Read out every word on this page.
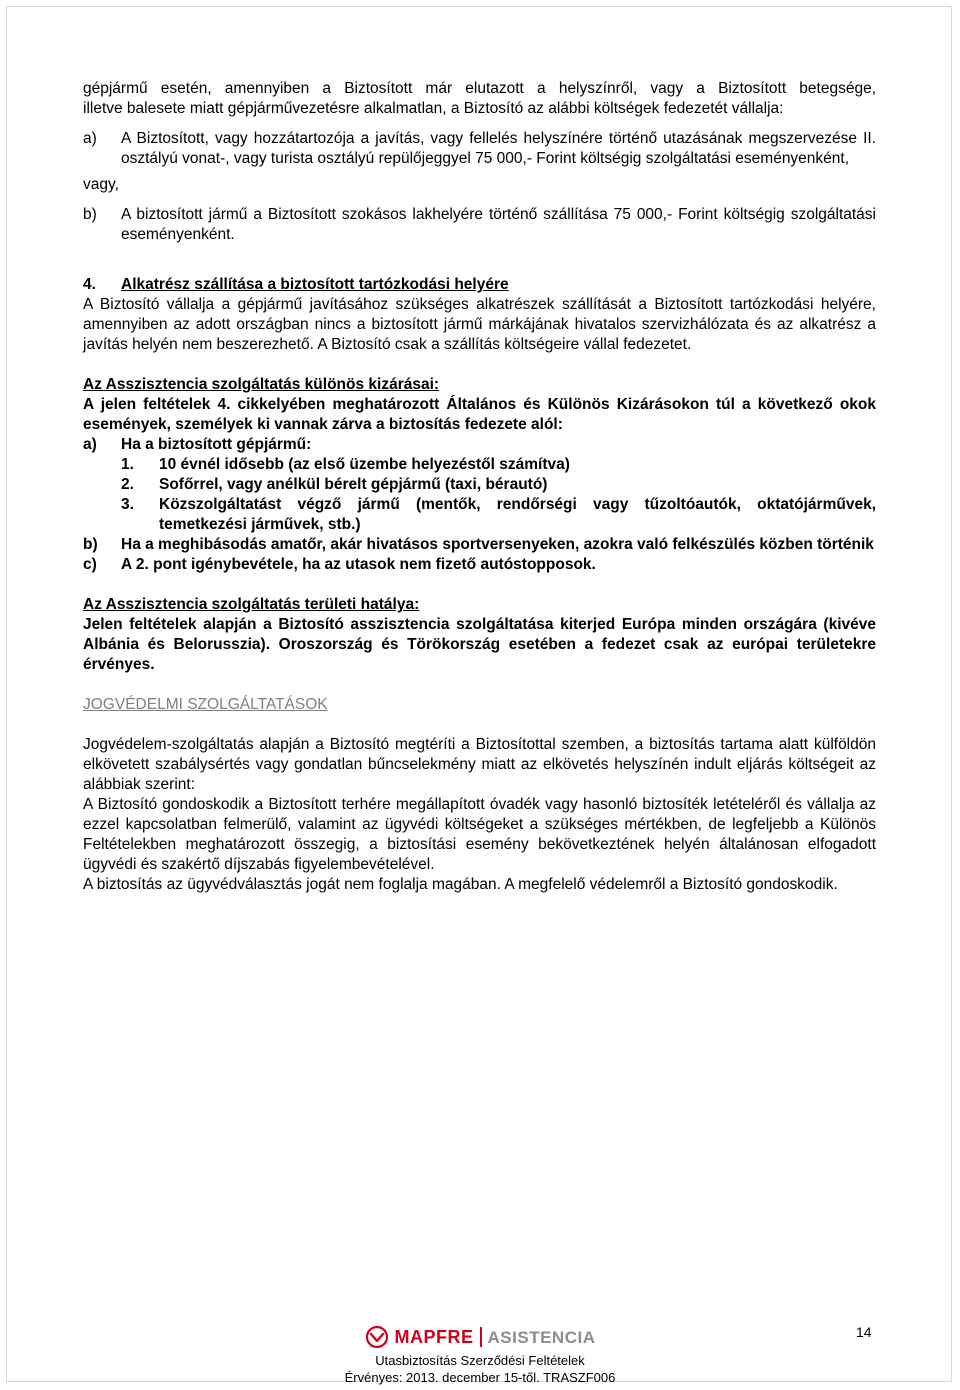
gépjármű esetén, amennyiben a Biztosított már elutazott a helyszínről, vagy a Biztosított betegsége,

illetve balesete miatt gépjárművezetésre alkalmatlan, a Biztosító az alábbi költségek fedezetét vállalja:

a)	A Biztosított, vagy hozzátartozója a javítás, vagy fellelés helyszínére történő utazásának megszervezése II. osztályú vonat-, vagy turista osztályú repülőjeggyel 75 000,- Forint költségig szolgáltatási eseményenként,

vagy,

b)	A biztosított jármű a Biztosított szokásos lakhelyére történő szállítása 75 000,- Forint költségig szolgáltatási eseményenként.
4.	Alkatrész szállítása a biztosított tartózkodási helyére

A Biztosító vállalja a gépjármű javításához szükséges alkatrészek szállítását a Biztosított tartózkodási helyére, amennyiben az adott országban nincs a biztosított jármű márkájának hivatalos szervizhálózata és az alkatrész a javítás helyén nem beszerezhető. A Biztosító csak a szállítás költségeire vállal fedezetet.

Az Asszisztencia szolgáltatás különös kizárásai:

A jelen feltételek 4. cikkelyében meghatározott Általános és Különös Kizárásokon túl a következő okok események, személyek ki vannak zárva a biztosítás fedezete alól:

a)	Ha a biztosított gépjármű:
1.	10 évnél idősebb (az első üzembe helyezéstől számítva)
2.	Sofőrrel, vagy anélkül bérelt gépjármű (taxi, bérautó)
3.	Közszolgáltatást végző jármű (mentők, rendőrségi vagy tűzoltóautók, oktatójárművek, temetkezési járművek, stb.)
b)	Ha a meghibásodás amatőr, akár hivatásos sportversenyeken, azokra való felkészülés közben történik
c)	A 2. pont igénybevétele, ha az utasok nem fizető autóstopposok.

Az Asszisztencia szolgáltatás területi hatálya:

Jelen feltételek alapján a Biztosító asszisztencia szolgáltatása kiterjed Európa minden országára (kivéve Albánia és Belorusszia). Oroszország és Törökország esetében a fedezet csak az európai területekre érvényes.

JOGVÉDELMI SZOLGÁLTATÁSOK

Jogvédelem-szolgáltatás alapján a Biztosító megtéríti a Biztosítottal szemben, a biztosítás tartama alatt külföldön elkövetett szabálysértés vagy gondatlan bűncselekmény miatt az elkövetés helyszínén indult eljárás költségeit az alábbiak szerint:

A Biztosító gondoskodik a Biztosított terhére megállapított óvadék vagy hasonló biztosíték letételéről és vállalja az ezzel kapcsolatban felmerülő, valamint az ügyvédi költségeket a szükséges mértékben, de legfeljebb a Különös Feltételekben meghatározott összegig, a biztosítási esemény bekövetkeztének helyén általánosan elfogadott ügyvédi és szakértő díjszabás figyelembevételével.

A biztosítás az ügyvédválasztás jogát nem foglalja magában. A megfelelő védelemről a Biztosító gondoskodik.

MAPFRE ASISTENCIA
Utasbiztosítás Szerződési Feltételek
Érvényes: 2013. december 15-től. TRASZF006
14
